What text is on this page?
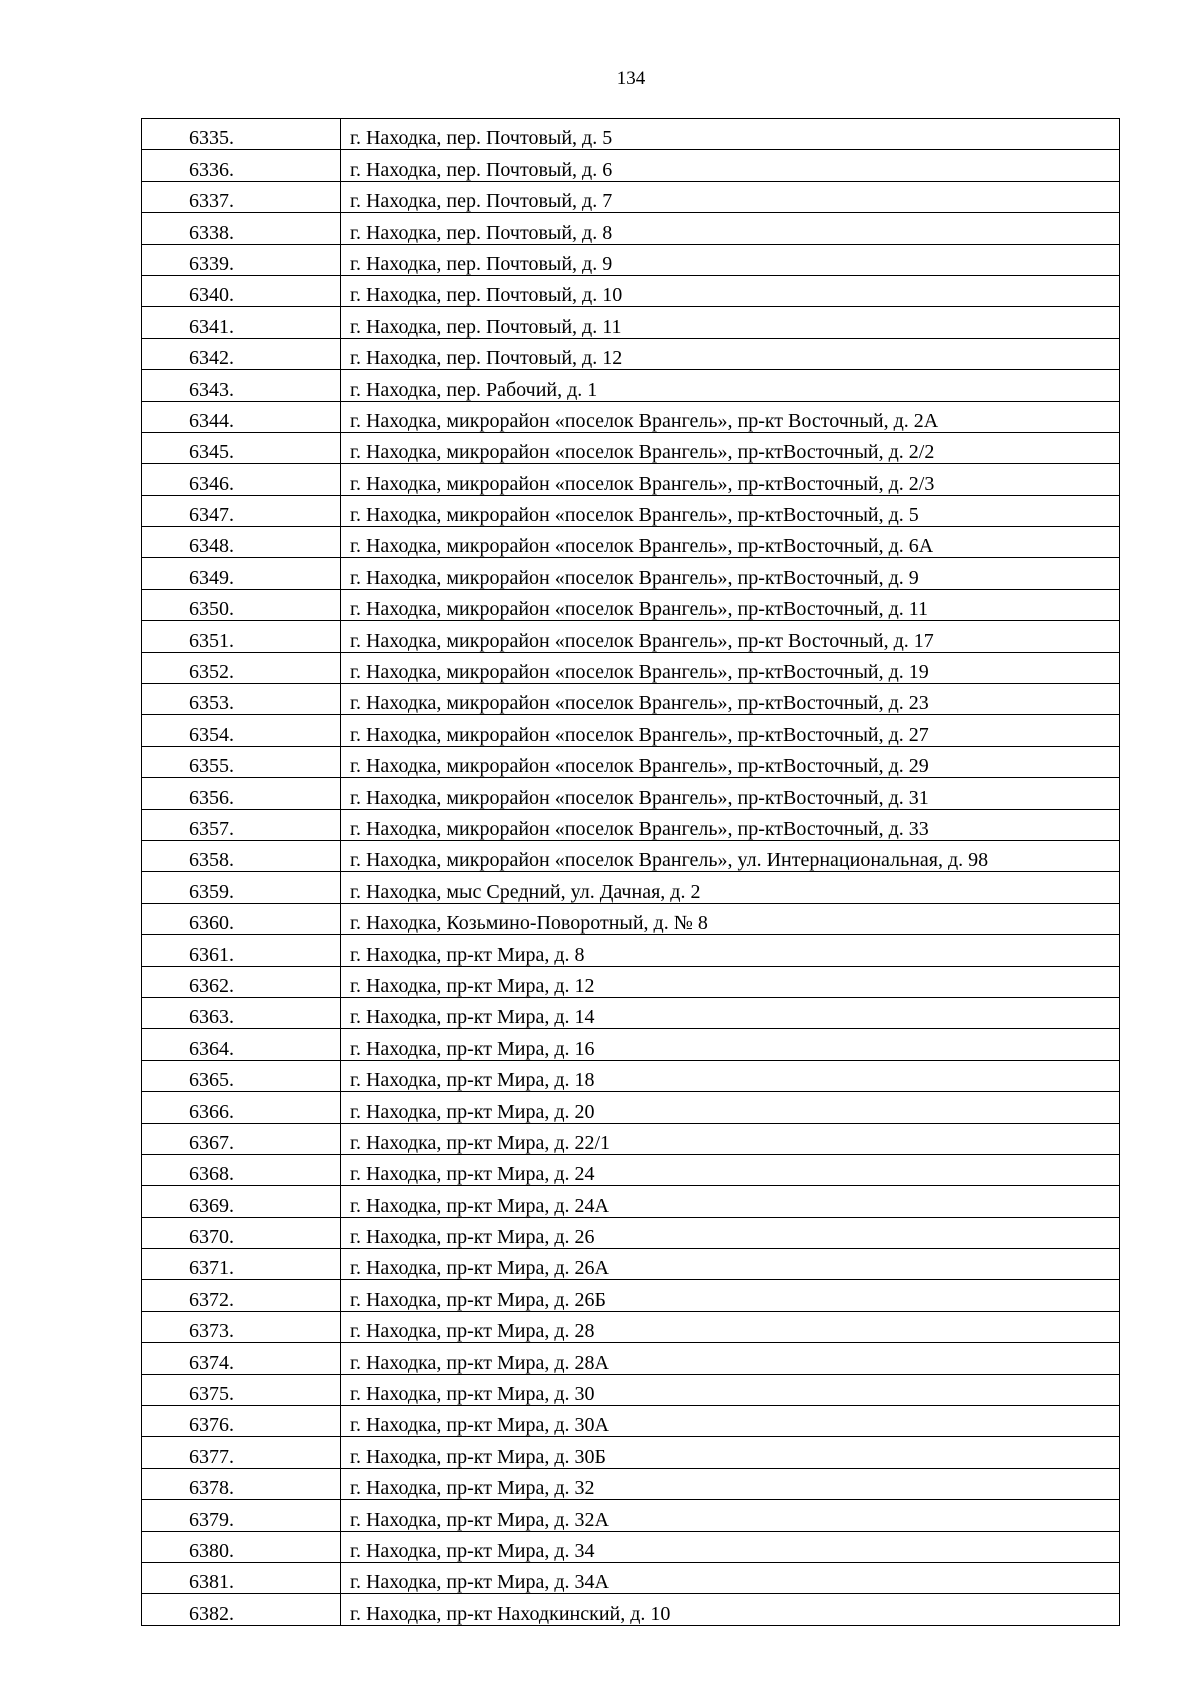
134
6335.	г. Находка, пер. Почтовый, д. 5
6336.	г. Находка, пер. Почтовый, д. 6
6337.	г. Находка, пер. Почтовый, д. 7
6338.	г. Находка, пер. Почтовый, д. 8
6339.	г. Находка, пер. Почтовый, д. 9
6340.	г. Находка, пер. Почтовый, д. 10
6341.	г. Находка, пер. Почтовый, д. 11
6342.	г. Находка, пер. Почтовый, д. 12
6343.	г. Находка, пер. Рабочий, д. 1
6344.	г. Находка, микрорайон «поселок Врангель», пр-кт Восточный, д. 2А
6345.	г. Находка, микрорайон «поселок Врангель», пр-ктВосточный, д. 2/2
6346.	г. Находка, микрорайон «поселок Врангель», пр-ктВосточный, д. 2/3
6347.	г. Находка, микрорайон «поселок Врангель», пр-ктВосточный, д. 5
6348.	г. Находка, микрорайон «поселок Врангель», пр-ктВосточный, д. 6А
6349.	г. Находка, микрорайон «поселок Врангель», пр-ктВосточный, д. 9
6350.	г. Находка, микрорайон «поселок Врангель», пр-ктВосточный, д. 11
6351.	г. Находка, микрорайон «поселок Врангель», пр-кт Восточный, д. 17
6352.	г. Находка, микрорайон «поселок Врангель», пр-ктВосточный, д. 19
6353.	г. Находка, микрорайон «поселок Врангель», пр-ктВосточный, д. 23
6354.	г. Находка, микрорайон «поселок Врангель», пр-ктВосточный, д. 27
6355.	г. Находка, микрорайон «поселок Врангель», пр-ктВосточный, д. 29
6356.	г. Находка, микрорайон «поселок Врангель», пр-ктВосточный, д. 31
6357.	г. Находка, микрорайон «поселок Врангель», пр-ктВосточный, д. 33
6358.	г. Находка, микрорайон «поселок Врангель», ул. Интернациональная, д. 98
6359.	г. Находка, мыс Средний, ул. Дачная, д. 2
6360.	г. Находка, Козьмино-Поворотный, д. № 8
6361.	г. Находка, пр-кт Мира, д. 8
6362.	г. Находка, пр-кт Мира, д. 12
6363.	г. Находка, пр-кт Мира, д. 14
6364.	г. Находка, пр-кт Мира, д. 16
6365.	г. Находка, пр-кт Мира, д. 18
6366.	г. Находка, пр-кт Мира, д. 20
6367.	г. Находка, пр-кт Мира, д. 22/1
6368.	г. Находка, пр-кт Мира, д. 24
6369.	г. Находка, пр-кт Мира, д. 24А
6370.	г. Находка, пр-кт Мира, д. 26
6371.	г. Находка, пр-кт Мира, д. 26А
6372.	г. Находка, пр-кт Мира, д. 26Б
6373.	г. Находка, пр-кт Мира, д. 28
6374.	г. Находка, пр-кт Мира, д. 28А
6375.	г. Находка, пр-кт Мира, д. 30
6376.	г. Находка, пр-кт Мира, д. 30А
6377.	г. Находка, пр-кт Мира, д. 30Б
6378.	г. Находка, пр-кт Мира, д. 32
6379.	г. Находка, пр-кт Мира, д. 32А
6380.	г. Находка, пр-кт Мира, д. 34
6381.	г. Находка, пр-кт Мира, д. 34А
6382.	г. Находка, пр-кт Находкинский, д. 10
